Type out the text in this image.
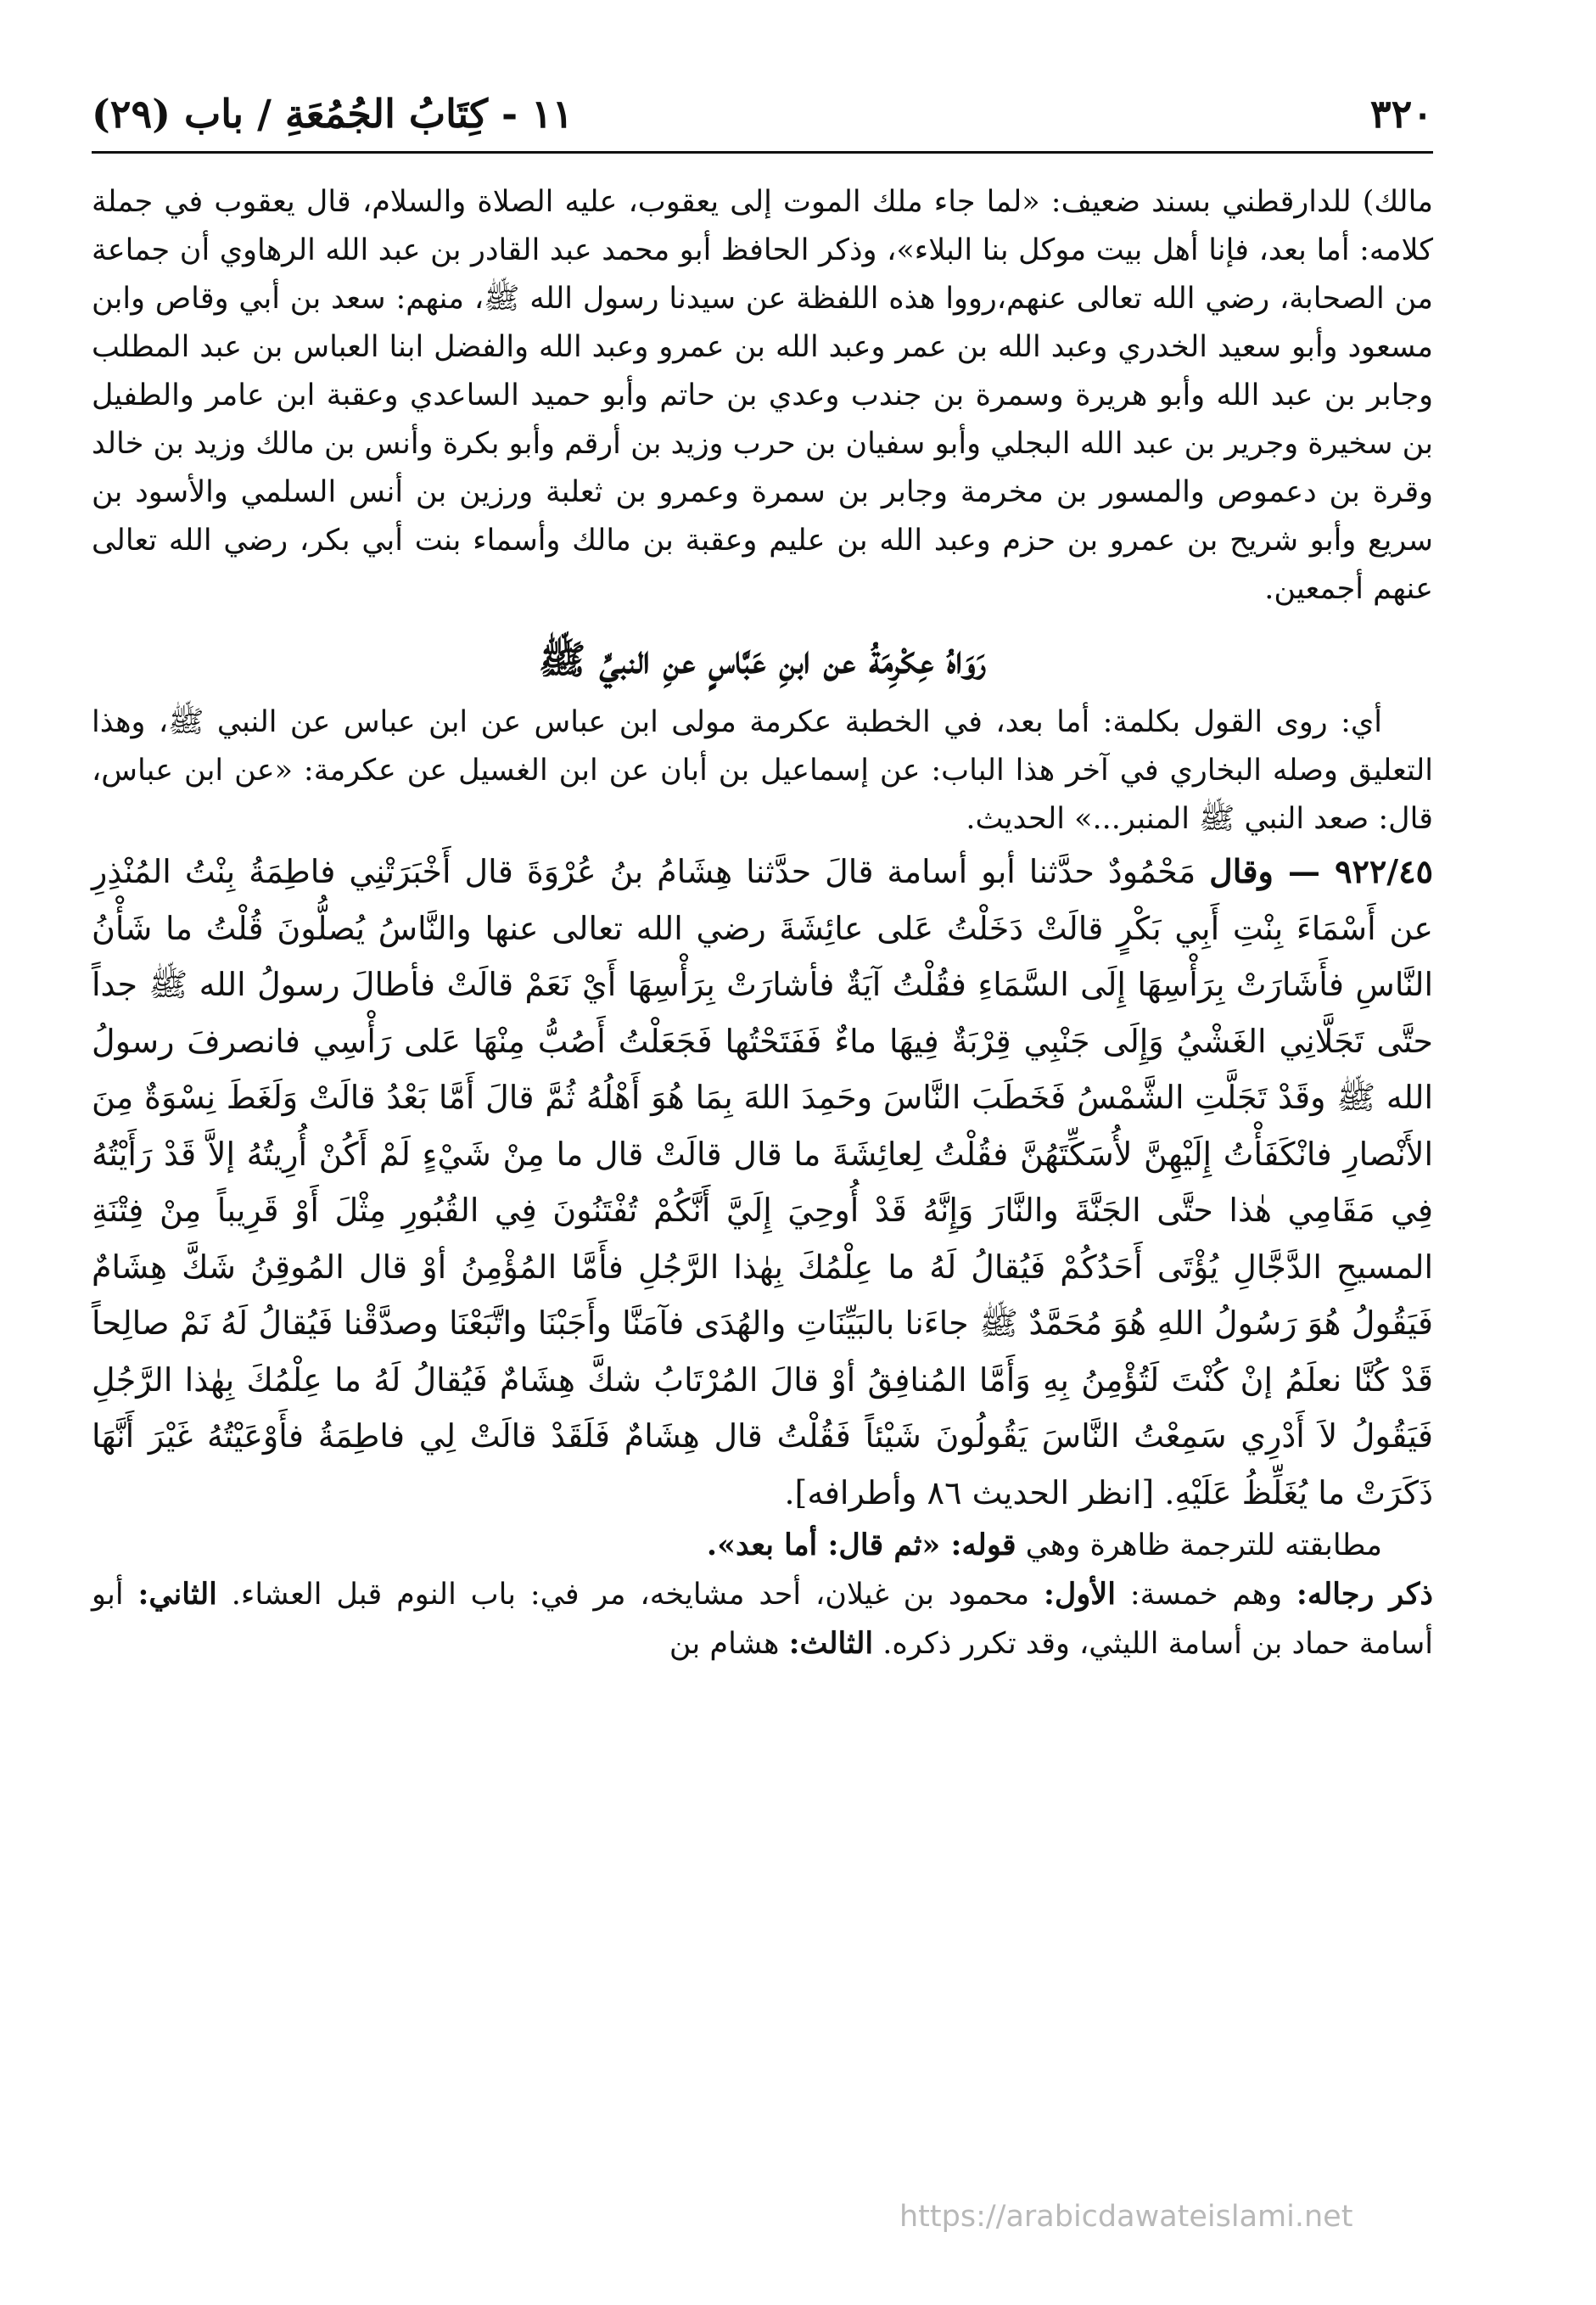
٣٢٠
١١ - كِتَابُ الجُمُعَةِ / باب (٢٩)

مالك) للدارقطني بسند ضعيف: «لما جاء ملك الموت إلى يعقوب، عليه الصلاة والسلام، قال يعقوب في جملة كلامه: أما بعد، فإنا أهل بيت موكل بنا البلاء»، وذكر الحافظ أبو محمد عبد القادر بن عبد الله الرهاوي أن جماعة من الصحابة، رضي الله تعالى عنهم،رووا هذه اللفظة عن سيدنا رسول الله ﷺ، منهم: سعد بن أبي وقاص وابن مسعود وأبو سعيد الخدري وعبد الله بن عمر وعبد الله بن عمرو وعبد الله والفضل ابنا العباس بن عبد المطلب وجابر بن عبد الله وأبو هريرة وسمرة بن جندب وعدي بن حاتم وأبو حميد الساعدي وعقبة ابن عامر والطفيل بن سخيرة وجرير بن عبد الله البجلي وأبو سفيان بن حرب وزيد بن أرقم وأبو بكرة وأنس بن مالك وزيد بن خالد وقرة بن دعموص والمسور بن مخرمة وجابر بن سمرة وعمرو بن ثعلبة ورزين بن أنس السلمي والأسود بن سريع وأبو شريح بن عمرو بن حزم وعبد الله بن عليم وعقبة بن مالك وأسماء بنت أبي بكر، رضي الله تعالى عنهم أجمعين.

رَوَاهُ عِكْرِمَةُ عن ابنِ عَبَّاسٍ عنِ النبيِّ ﷺ

أي: روى القول بكلمة: أما بعد، في الخطبة عكرمة مولى ابن عباس عن ابن عباس عن النبي ﷺ، وهذا التعليق وصله البخاري في آخر هذا الباب: عن إسماعيل بن أبان عن ابن الغسيل عن عكرمة: «عن ابن عباس، قال: صعد النبي ﷺ المنبر...» الحديث.

٩٢٢/٤٥ — وقال مَحْمُودٌ حدَّثنا أبو أسامة قالَ حدَّثنا هِشَامُ بنُ عُرْوَةَ قال أَخْبَرَتْنِي فاطِمَةُ بِنْتُ المُنْذِرِ عن أَسْمَاءَ بِنْتِ أَبِي بَكْرٍ قالَتْ دَخَلْتُ عَلى عائِشَةَ رضي الله تعالى عنها والنَّاسُ يُصلُّونَ قُلْتُ ما شَأْنُ النَّاسِ فأَشَارَتْ بِرَأْسِهَا إِلَى السَّمَاءِ فقُلْتُ آيَةٌ فأشارَتْ بِرَأْسِهَا أَيْ نَعَمْ قالَتْ فأطالَ رسولُ الله ﷺ جداً حتَّى تَجَلَّانِي الغَشْيُ وَإِلَى جَنْبِي قِرْبَةٌ فِيهَا ماءٌ فَفَتَحْتُها فَجَعَلْتُ أَصُبُّ مِنْهَا عَلى رَأْسِي فانصرفَ رسولُ الله ﷺ وقَدْ تَجَلَّتِ الشَّمْسُ فَخَطَبَ النَّاسَ وحَمِدَ اللهَ بِمَا هُوَ أَهْلُهُ ثُمَّ قالَ أَمَّا بَعْدُ قالَتْ وَلَغَطَ نِسْوَةٌ مِنَ الأَنْصارِ فانْكَفَأْتُ إِلَيْهِنَّ لأُسَكِّتَهُنَّ فقُلْتُ لِعائِشَةَ ما قال قالَتْ قال ما مِنْ شَيْءٍ لَمْ أَكُنْ أُرِيتُهُ إلاَّ قَدْ رَأَيْتُهُ فِي مَقَامِي هٰذا حتَّى الجَنَّةَ والنَّارَ وَإِنَّهُ قَدْ أُوحِيَ إِلَيَّ أَنَّكُمْ تُفْتَنُونَ فِي القُبُورِ مِثْلَ أَوْ قَرِيباً مِنْ فِتْنَةِ المسيحِ الدَّجَّالِ يُؤْتَى أَحَدُكُمْ فَيُقالُ لَهُ ما عِلْمُكَ بِهٰذا الرَّجُلِ فأَمَّا المُؤْمِنُ أوْ قال المُوقِنُ شَكَّ هِشَامٌ فَيَقُولُ هُوَ رَسُولُ اللهِ هُوَ مُحَمَّدٌ ﷺ جاءَنا بالبَيِّنَاتِ والهُدَى فآمَنَّا وأَجَبْنَا واتَّبَعْنَا وصدَّقْنا فَيُقالُ لَهُ نَمْ صالِحاً قَدْ كُنَّا نعلَمُ إنْ كُنْتَ لَتُؤْمِنُ بِهِ وَأَمَّا المُنافِقُ أوْ قالَ المُرْتَابُ شكَّ هِشَامٌ فَيُقالُ لَهُ ما عِلْمُكَ بِهٰذا الرَّجُلِ فَيَقُولُ لاَ أَدْرِي سَمِعْتُ النَّاسَ يَقُولُونَ شَيْئاً فَقُلْتُ قال هِشَامٌ فَلَقَدْ قالَتْ لِي فاطِمَةُ فأَوْعَيْتُهُ غَيْرَ أَنَّهَا ذَكَرَتْ ما يُغَلِّظُ عَلَيْهِ. [انظر الحديث ٨٦ وأطرافه].

مطابقته للترجمة ظاهرة وهي قوله: «ثم قال: أما بعد».

ذكر رجاله: وهم خمسة: الأول: محمود بن غيلان، أحد مشايخه، مر في: باب النوم قبل العشاء. الثاني: أبو أسامة حماد بن أسامة الليثي، وقد تكرر ذكره. الثالث: هشام بن

https://arabicdawateislami.net
